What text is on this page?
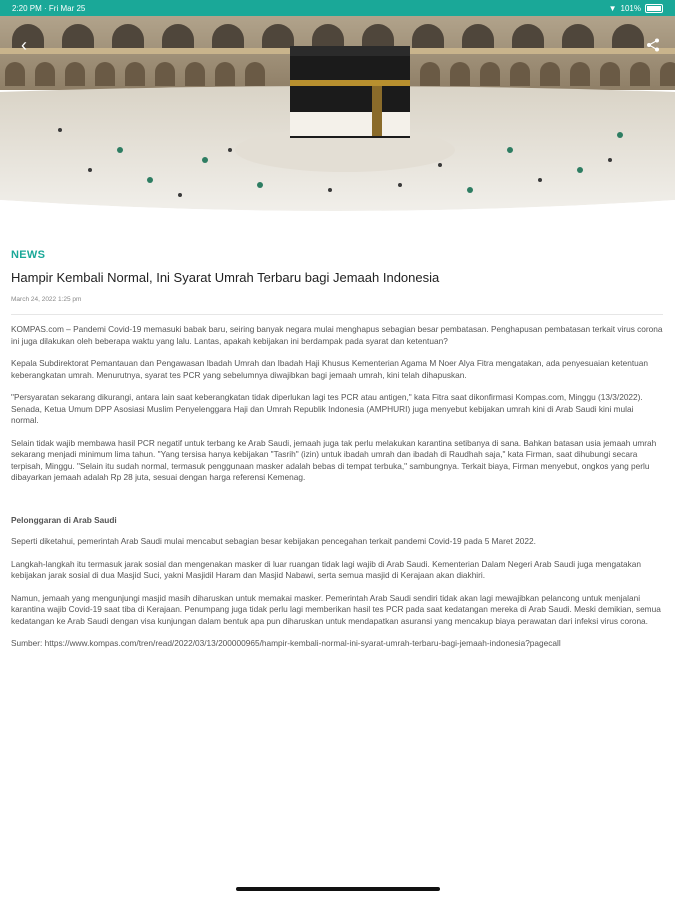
2:20 PM · Fri Mar 25	▼ 101%
‹
NEWS
Hampir Kembali Normal, Ini Syarat Umrah Terbaru bagi Jemaah Indonesia
March 24, 2022 1:25 pm

KOMPAS.com – Pandemi Covid-19 memasuki babak baru, seiring banyak negara mulai menghapus sebagian besar pembatasan. Penghapusan pembatasan terkait virus corona ini juga dilakukan oleh beberapa waktu yang lalu. Lantas, apakah kebijakan ini berdampak pada syarat dan ketentuan?

Kepala Subdirektorat Pemantauan dan Pengawasan Ibadah Umrah dan Ibadah Haji Khusus Kementerian Agama M Noer Alya Fitra mengatakan, ada penyesuaian ketentuan keberangkatan umrah. Menurutnya, syarat tes PCR yang sebelumnya diwajibkan bagi jemaah umrah, kini telah dihapuskan.

"Persyaratan sekarang dikurangi, antara lain saat keberangkatan tidak diperlukan lagi tes PCR atau antigen," kata Fitra saat dikonfirmasi Kompas.com, Minggu (13/3/2022). Senada, Ketua Umum DPP Asosiasi Muslim Penyelenggara Haji dan Umrah Republik Indonesia (AMPHURI) juga menyebut kebijakan umrah kini di Arab Saudi kini mulai normal.

Selain tidak wajib membawa hasil PCR negatif untuk terbang ke Arab Saudi, jemaah juga tak perlu melakukan karantina setibanya di sana. Bahkan batasan usia jemaah umrah sekarang menjadi minimum lima tahun. "Yang tersisa hanya kebijakan "Tasrih" (izin) untuk ibadah umrah dan ibadah di Raudhah saja," kata Firman, saat dihubungi secara terpisah, Minggu. "Selain itu sudah normal, termasuk penggunaan masker adalah bebas di tempat terbuka," sambungnya. Terkait biaya, Firman menyebut, ongkos yang perlu dibayarkan jemaah adalah Rp 28 juta, sesuai dengan harga referensi Kemenag.

Pelonggaran di Arab Saudi

Seperti diketahui, pemerintah Arab Saudi mulai mencabut sebagian besar kebijakan pencegahan terkait pandemi Covid-19 pada 5 Maret 2022.

Langkah-langkah itu termasuk jarak sosial dan mengenakan masker di luar ruangan tidak lagi wajib di Arab Saudi. Kementerian Dalam Negeri Arab Saudi juga mengatakan kebijakan jarak sosial di dua Masjid Suci, yakni Masjidil Haram dan Masjid Nabawi, serta semua masjid di Kerajaan akan diakhiri.

Namun, jemaah yang mengunjungi masjid masih diharuskan untuk memakai masker. Pemerintah Arab Saudi sendiri tidak akan lagi mewajibkan pelancong untuk menjalani karantina wajib Covid-19 saat tiba di Kerajaan. Penumpang juga tidak perlu lagi memberikan hasil tes PCR pada saat kedatangan mereka di Arab Saudi. Meski demikian, semua kedatangan ke Arab Saudi dengan visa kunjungan dalam bentuk apa pun diharuskan untuk mendapatkan asuransi yang mencakup biaya perawatan dari infeksi virus corona.

Sumber: https://www.kompas.com/tren/read/2022/03/13/200000965/hampir-kembali-normal-ini-syarat-umrah-terbaru-bagi-jemaah-indonesia?pagecall
